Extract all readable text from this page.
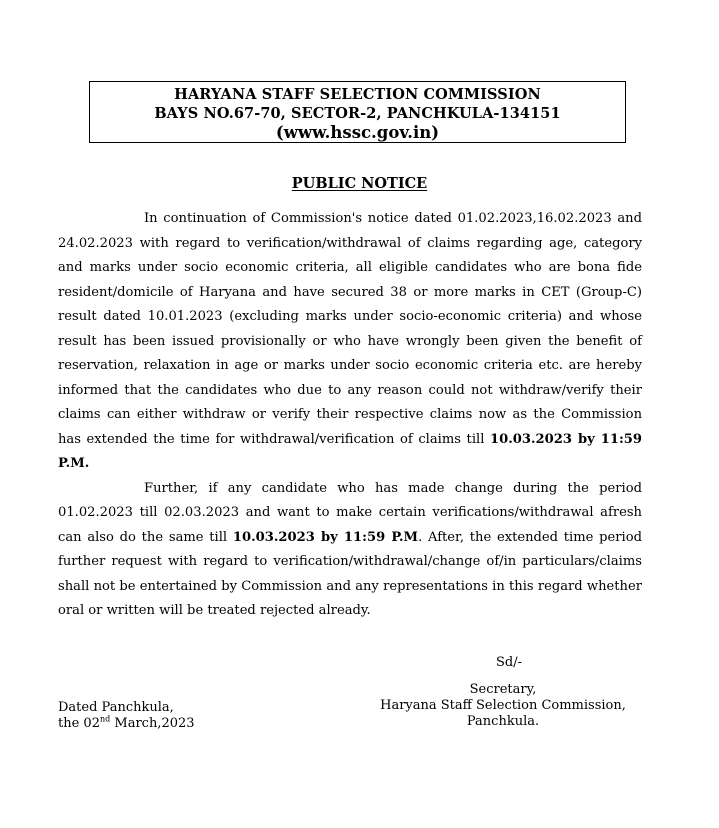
HARYANA STAFF SELECTION COMMISSION
BAYS NO.67-70, SECTOR-2, PANCHKULA-134151
(www.hssc.gov.in)
PUBLIC NOTICE

In continuation of Commission's notice dated 01.02.2023,16.02.2023 and 24.02.2023 with regard to verification/withdrawal of claims regarding age, category and marks under socio economic criteria, all eligible candidates who are bona fide resident/domicile of Haryana and have secured 38 or more marks in CET (Group-C) result dated 10.01.2023 (excluding marks under socio-economic criteria) and whose result has been issued provisionally or who have wrongly been given the benefit of reservation, relaxation in age or marks under socio economic criteria etc. are hereby informed that the candidates who due to any reason could not withdraw/verify their claims can either withdraw or verify their respective claims now as the Commission has extended the time for withdrawal/verification of claims till 10.03.2023 by 11:59 P.M.

Further, if any candidate who has made change during the period 01.02.2023 till 02.03.2023 and want to make certain verifications/withdrawal afresh can also do the same till 10.03.2023 by 11:59 P.M. After, the extended time period further request with regard to verification/withdrawal/change of/in particulars/claims shall not be entertained by Commission and any representations in this regard whether oral or written will be treated rejected already.

Sd/-
Secretary,
Haryana Staff Selection Commission,
Panchkula.
Dated Panchkula,
the 02nd March,2023
